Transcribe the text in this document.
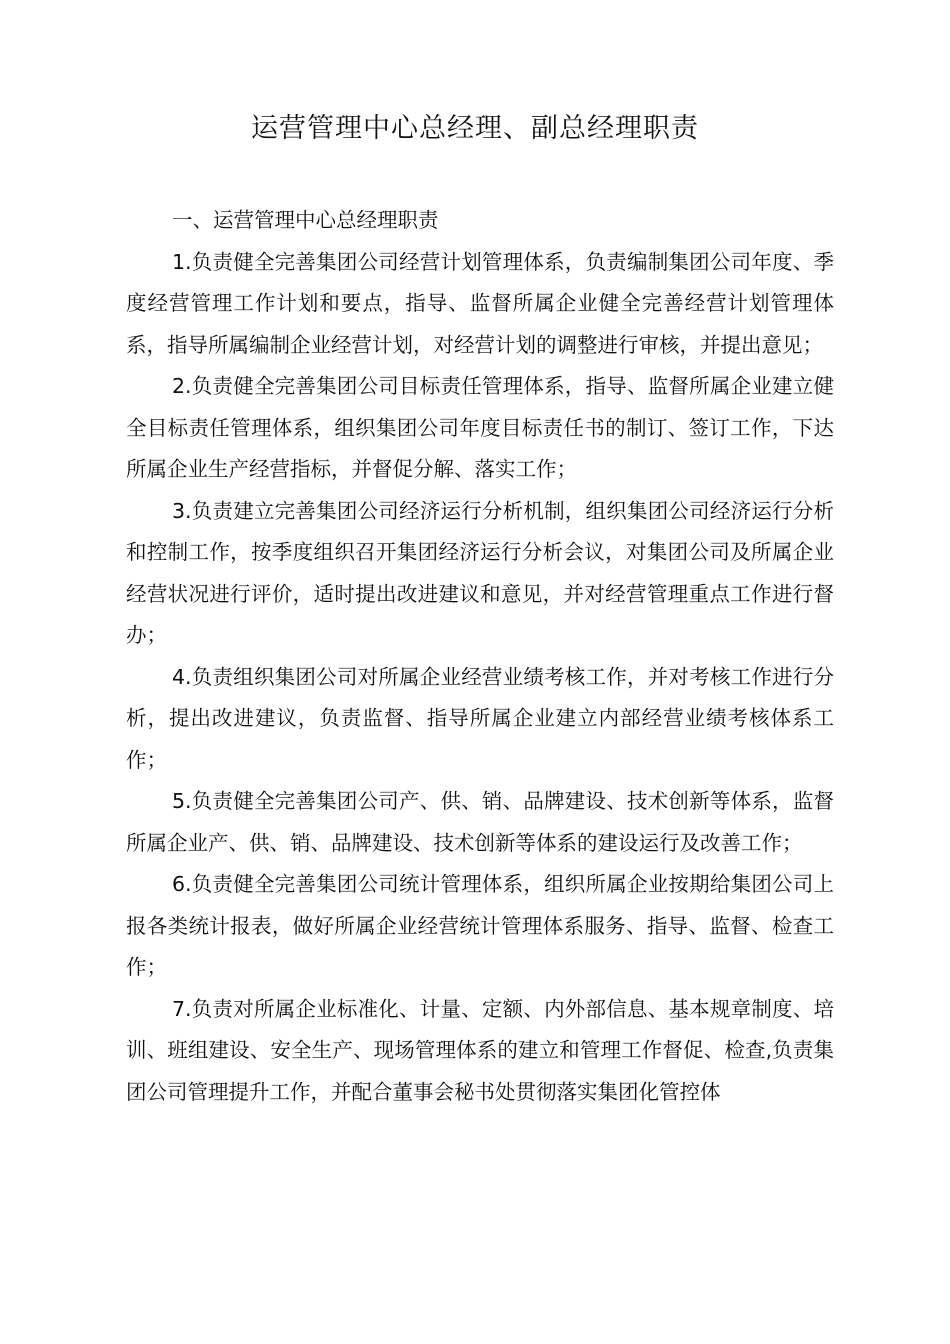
运营管理中心总经理、副总经理职责
一、运营管理中心总经理职责

1.负责健全完善集团公司经营计划管理体系，负责编制集团公司年度、季度经营管理工作计划和要点，指导、监督所属企业健全完善经营计划管理体系，指导所属编制企业经营计划，对经营计划的调整进行审核，并提出意见；

2.负责健全完善集团公司目标责任管理体系，指导、监督所属企业建立健全目标责任管理体系，组织集团公司年度目标责任书的制订、签订工作，下达所属企业生产经营指标，并督促分解、落实工作；

3.负责建立完善集团公司经济运行分析机制，组织集团公司经济运行分析和控制工作，按季度组织召开集团经济运行分析会议，对集团公司及所属企业经营状况进行评价，适时提出改进建议和意见，并对经营管理重点工作进行督办；

4.负责组织集团公司对所属企业经营业绩考核工作，并对考核工作进行分析，提出改进建议，负责监督、指导所属企业建立内部经营业绩考核体系工作；

5.负责健全完善集团公司产、供、销、品牌建设、技术创新等体系，监督所属企业产、供、销、品牌建设、技术创新等体系的建设运行及改善工作；

6.负责健全完善集团公司统计管理体系，组织所属企业按期给集团公司上报各类统计报表，做好所属企业经营统计管理体系服务、指导、监督、检查工作；

7.负责对所属企业标准化、计量、定额、内外部信息、基本规章制度、培训、班组建设、安全生产、现场管理体系的建立和管理工作督促、检查,负责集团公司管理提升工作，并配合董事会秘书处贯彻落实集团化管控体
